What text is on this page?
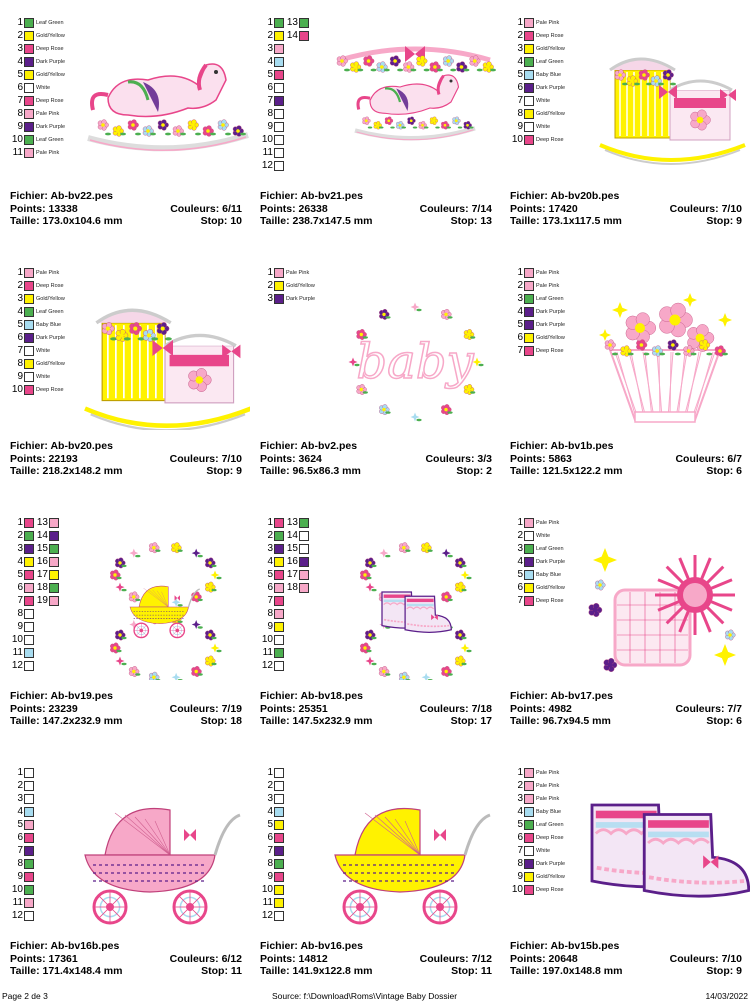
1 Leaf Green
2 Gold/Yellow
3 Deep Rose
4 Dark Purple
5 Gold/Yellow
6 White
7 Deep Rose
8 Pale Pink
9 Dark Purple
10 Leaf Green
11 Pale Pink
Fichier: Ab-bv22.pes
Points: 13338	Couleurs: 6/11
Taille: 173.0x104.6 mm	Stop: 10
1
2
3
4
5
6
7
8
9
10
11
12
13
14
Fichier: Ab-bv21.pes
Points: 26338	Couleurs: 7/14
Taille: 238.7x147.5 mm	Stop: 13
1 Pale Pink
2 Deep Rose
3 Gold/Yellow
4 Leaf Green
5 Baby Blue
6 Dark Purple
7 White
8 Gold/Yellow
9 White
10 Deep Rose
Fichier: Ab-bv20b.pes
Points: 17420	Couleurs: 7/10
Taille: 173.1x117.5 mm	Stop: 9
1 Pale Pink
2 Deep Rose
3 Gold/Yellow
4 Leaf Green
5 Baby Blue
6 Dark Purple
7 White
8 Gold/Yellow
9 White
10 Deep Rose
Fichier: Ab-bv20.pes
Points: 22193	Couleurs: 7/10
Taille: 218.2x148.2 mm	Stop: 9
1 Pale Pink
2 Gold/Yellow
3 Dark Purple
baby
Fichier: Ab-bv2.pes
Points: 3624	Couleurs: 3/3
Taille: 96.5x86.3 mm	Stop: 2
1 Pale Pink
2 Pale Pink
3 Leaf Green
4 Dark Purple
5 Dark Purple
6 Gold/Yellow
7 Deep Rose
Fichier: Ab-bv1b.pes
Points: 5863	Couleurs: 6/7
Taille: 121.5x122.2 mm	Stop: 6
1
2
3
4
5
6
7
8
9
10
11
12
13
14
15
16
17
18
19
Fichier: Ab-bv19.pes
Points: 23239	Couleurs: 7/19
Taille: 147.2x232.9 mm	Stop: 18
1
2
3
4
5
6
7
8
9
10
11
12
13
14
15
16
17
18
Fichier: Ab-bv18.pes
Points: 25351	Couleurs: 7/18
Taille: 147.5x232.9 mm	Stop: 17
1 Pale Pink
2 White
3 Leaf Green
4 Dark Purple
5 Baby Blue
6 Gold/Yellow
7 Deep Rose
Fichier: Ab-bv17.pes
Points: 4982	Couleurs: 7/7
Taille: 96.7x94.5 mm	Stop: 6
1
2
3
4
5
6
7
8
9
10
11
12
Fichier: Ab-bv16b.pes
Points: 17361	Couleurs: 6/12
Taille: 171.4x148.4 mm	Stop: 11
1
2
3
4
5
6
7
8
9
10
11
12
Fichier: Ab-bv16.pes
Points: 14812	Couleurs: 7/12
Taille: 141.9x122.8 mm	Stop: 11
1 Pale Pink
2 Pale Pink
3 Pale Pink
4 Baby Blue
5 Leaf Green
6 Deep Rose
7 White
8 Dark Purple
9 Gold/Yellow
10 Deep Rose
Fichier: Ab-bv15b.pes
Points: 20648	Couleurs: 7/10
Taille: 197.0x148.8 mm	Stop: 9
Page 2 de 3	Source: f:\Download\Roms\Vintage Baby Dossier	14/03/2022
